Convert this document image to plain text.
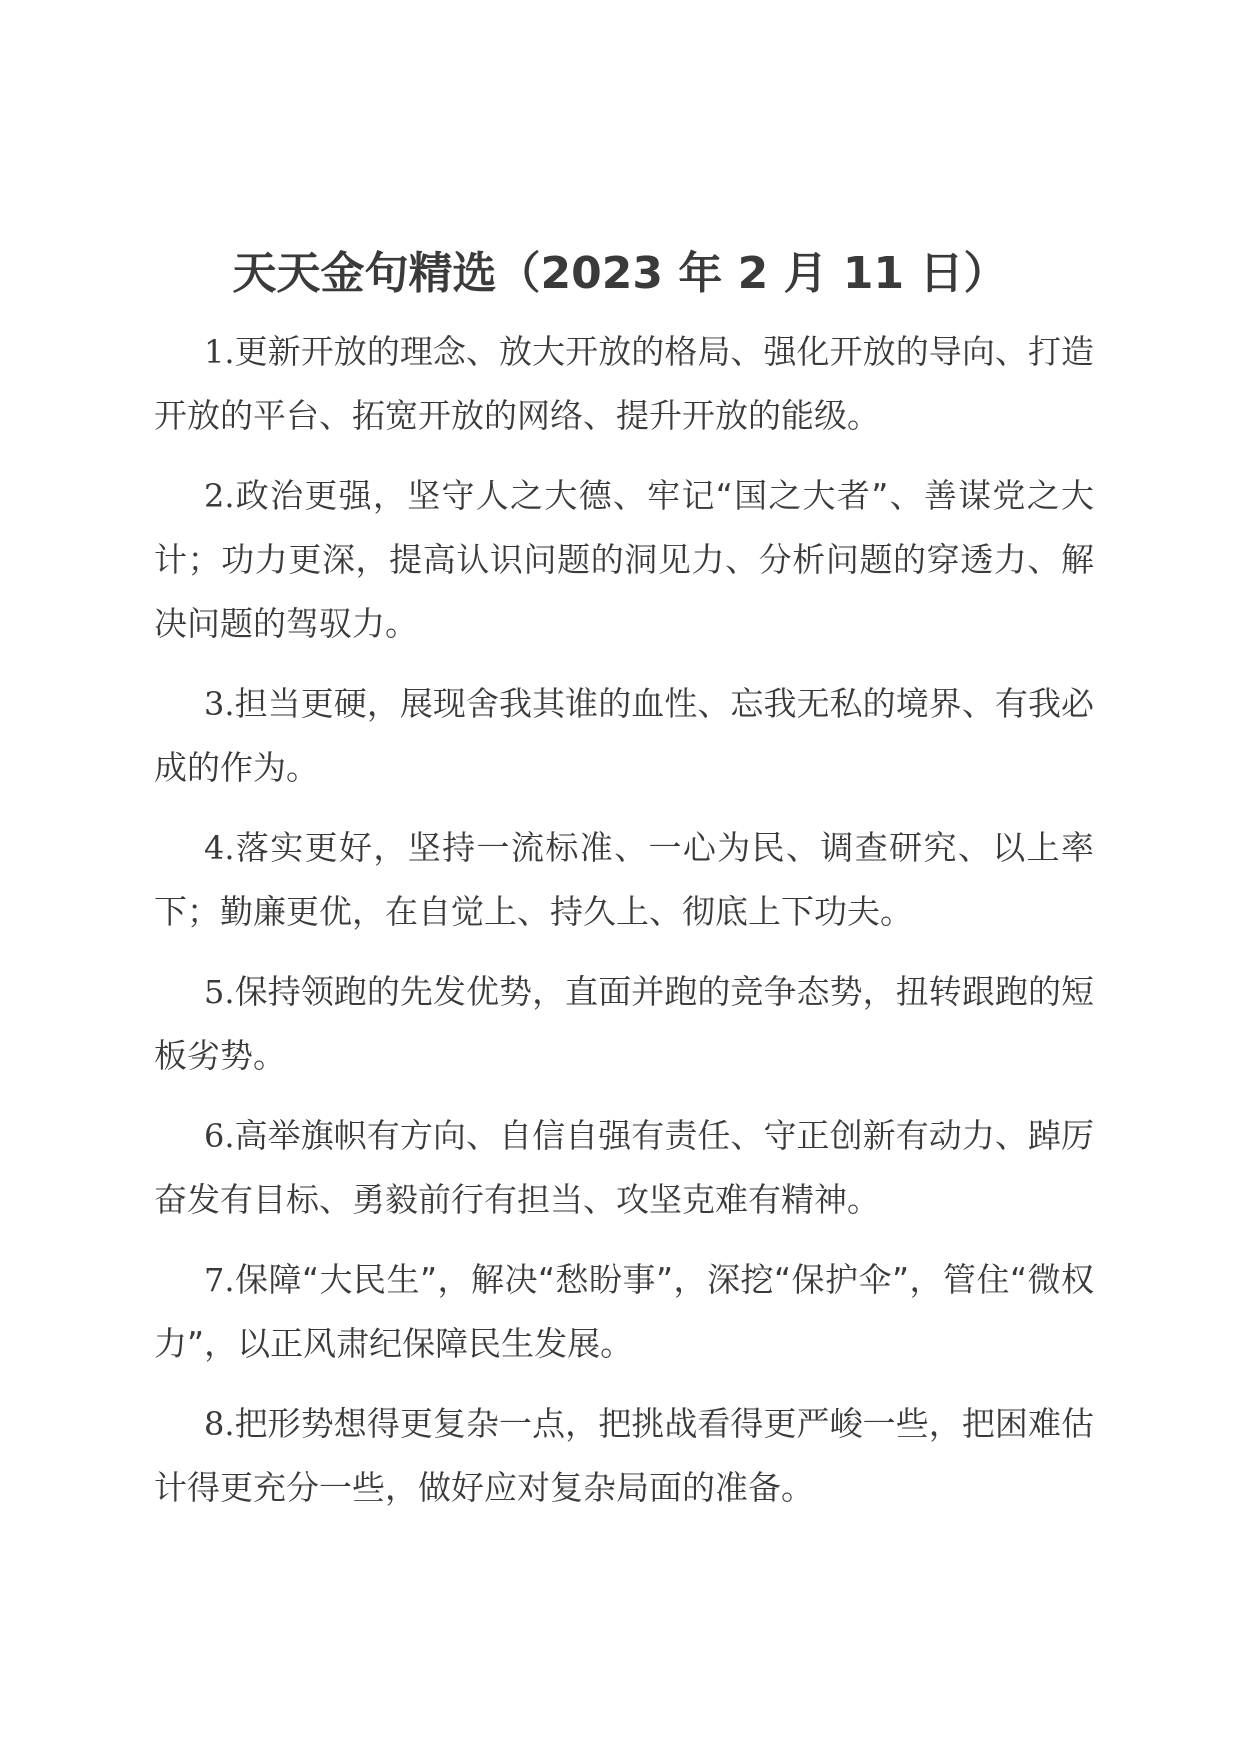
天天金句精选（2023 年 2 月 11 日）

1.更新开放的理念、放大开放的格局、强化开放的导向、打造开放的平台、拓宽开放的网络、提升开放的能级。

2.政治更强，坚守人之大德、牢记“国之大者”、善谋党之大计；功力更深，提高认识问题的洞见力、分析问题的穿透力、解决问题的驾驭力。

3.担当更硬，展现舍我其谁的血性、忘我无私的境界、有我必成的作为。

4.落实更好，坚持一流标准、一心为民、调查研究、以上率下；勤廉更优，在自觉上、持久上、彻底上下功夫。

5.保持领跑的先发优势，直面并跑的竞争态势，扭转跟跑的短板劣势。

6.高举旗帜有方向、自信自强有责任、守正创新有动力、踔厉奋发有目标、勇毅前行有担当、攻坚克难有精神。

7.保障“大民生”，解决“愁盼事”，深挖“保护伞”，管住“微权力”，以正风肃纪保障民生发展。

8.把形势想得更复杂一点，把挑战看得更严峻一些，把困难估计得更充分一些，做好应对复杂局面的准备。
